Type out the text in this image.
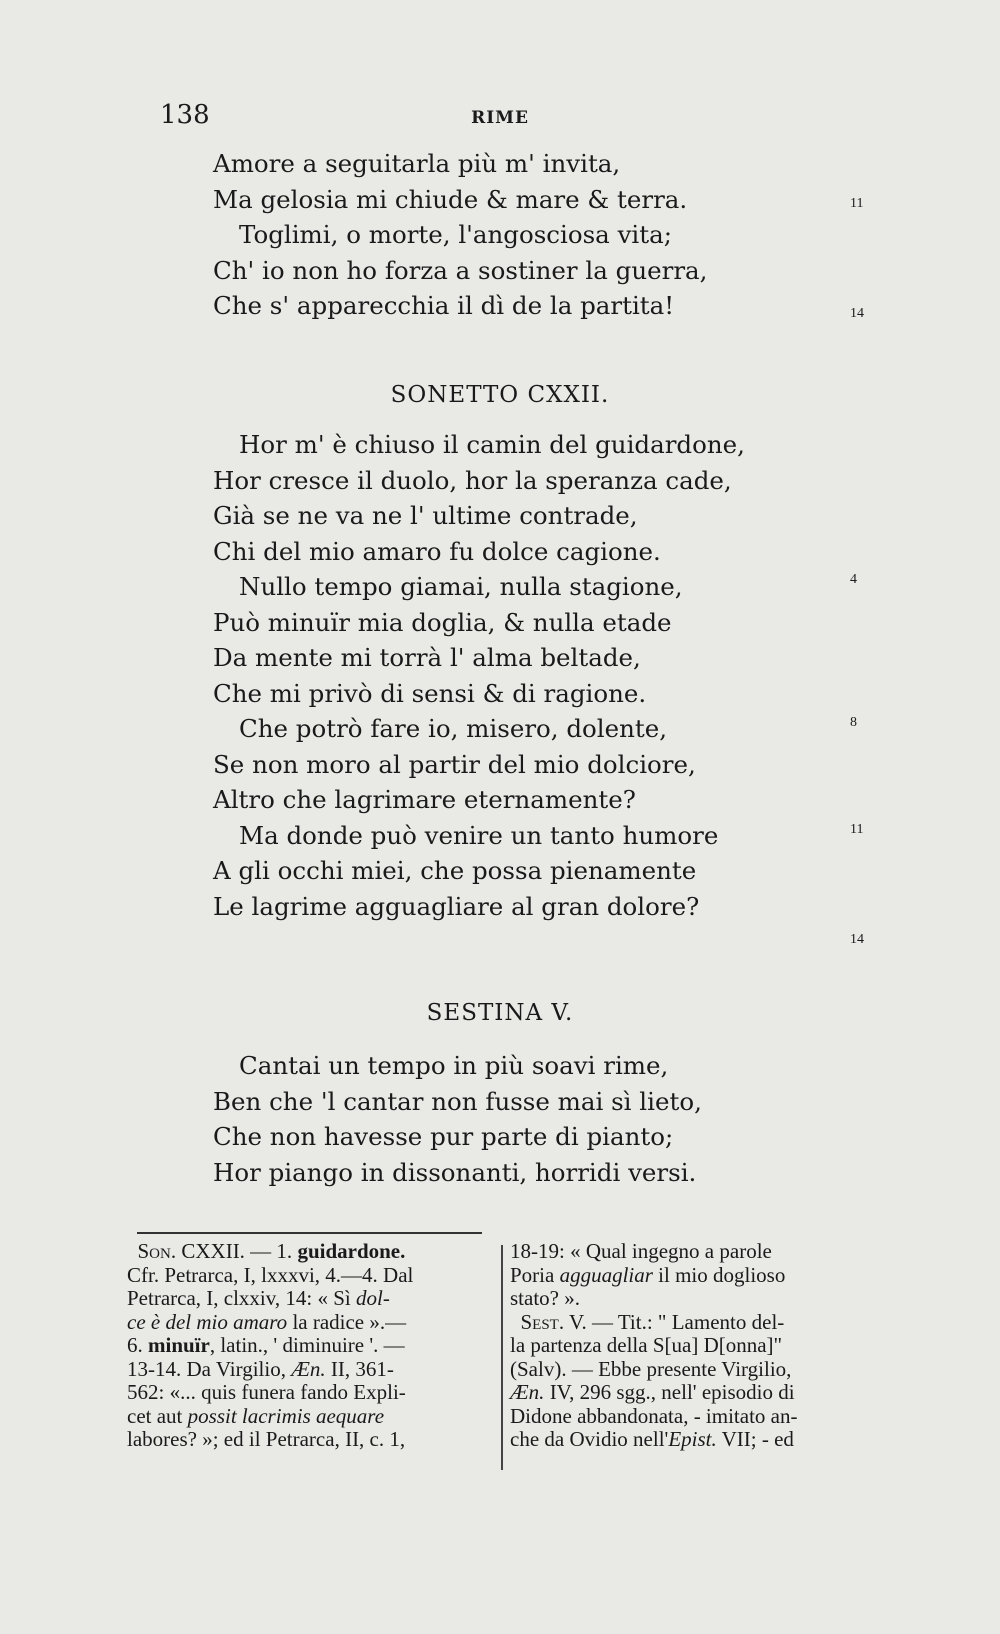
138	RIME
Amore a seguitarla più m' invita,
Ma gelosia mi chiude & mare & terra.
Toglimi, o morte, l'angosciosa vita;
Ch' io non ho forza a sostiner la guerra,
Che s' apparecchia il dì de la partita!
11
14
SONETTO CXXII.
Hor m' è chiuso il camin del guidardone,
Hor cresce il duolo, hor la speranza cade,
Già se ne va ne l' ultime contrade,
Chi del mio amaro fu dolce cagione.
Nullo tempo giamai, nulla stagione,
Può minuïr mia doglia, & nulla etade
Da mente mi torrà l' alma beltade,
Che mi privò di sensi & di ragione.
Che potrò fare io, misero, dolente,
Se non moro al partir del mio dolciore,
Altro che lagrimare eternamente?
Ma donde può venire un tanto humore
A gli occhi miei, che possa pienamente
Le lagrime agguagliare al gran dolore?
4
8
11
14
SESTINA V.
Cantai un tempo in più soavi rime,
Ben che 'l cantar non fusse mai sì lieto,
Che non havesse pur parte di pianto;
Hor piango in dissonanti, horridi versi.
Son. CXXII. — 1. guidardone.
Cfr. Petrarca, I, lxxxvi, 4.—4. Dal
Petrarca, I, clxxiv, 14: « Sì dol-
ce è del mio amaro la radice ».—
6. minuïr, latin., ' diminuire '. —
13-14. Da Virgilio, Æn. II, 361-
562: «... quis funera fando Expli-
cet aut possit lacrimis aequare
labores? »; ed il Petrarca, II, c. 1,
18-19: « Qual ingegno a parole
Poria agguagliar il mio doglioso
stato? ».
Sest. V. — Tit.: " Lamento del-
la partenza della S[ua] D[onna]"
(Salv). — Ebbe presente Virgilio,
Æn. IV, 296 sgg., nell' episodio di
Didone abbandonata, - imitato an-
che da Ovidio nell'Epist. VII; - ed
